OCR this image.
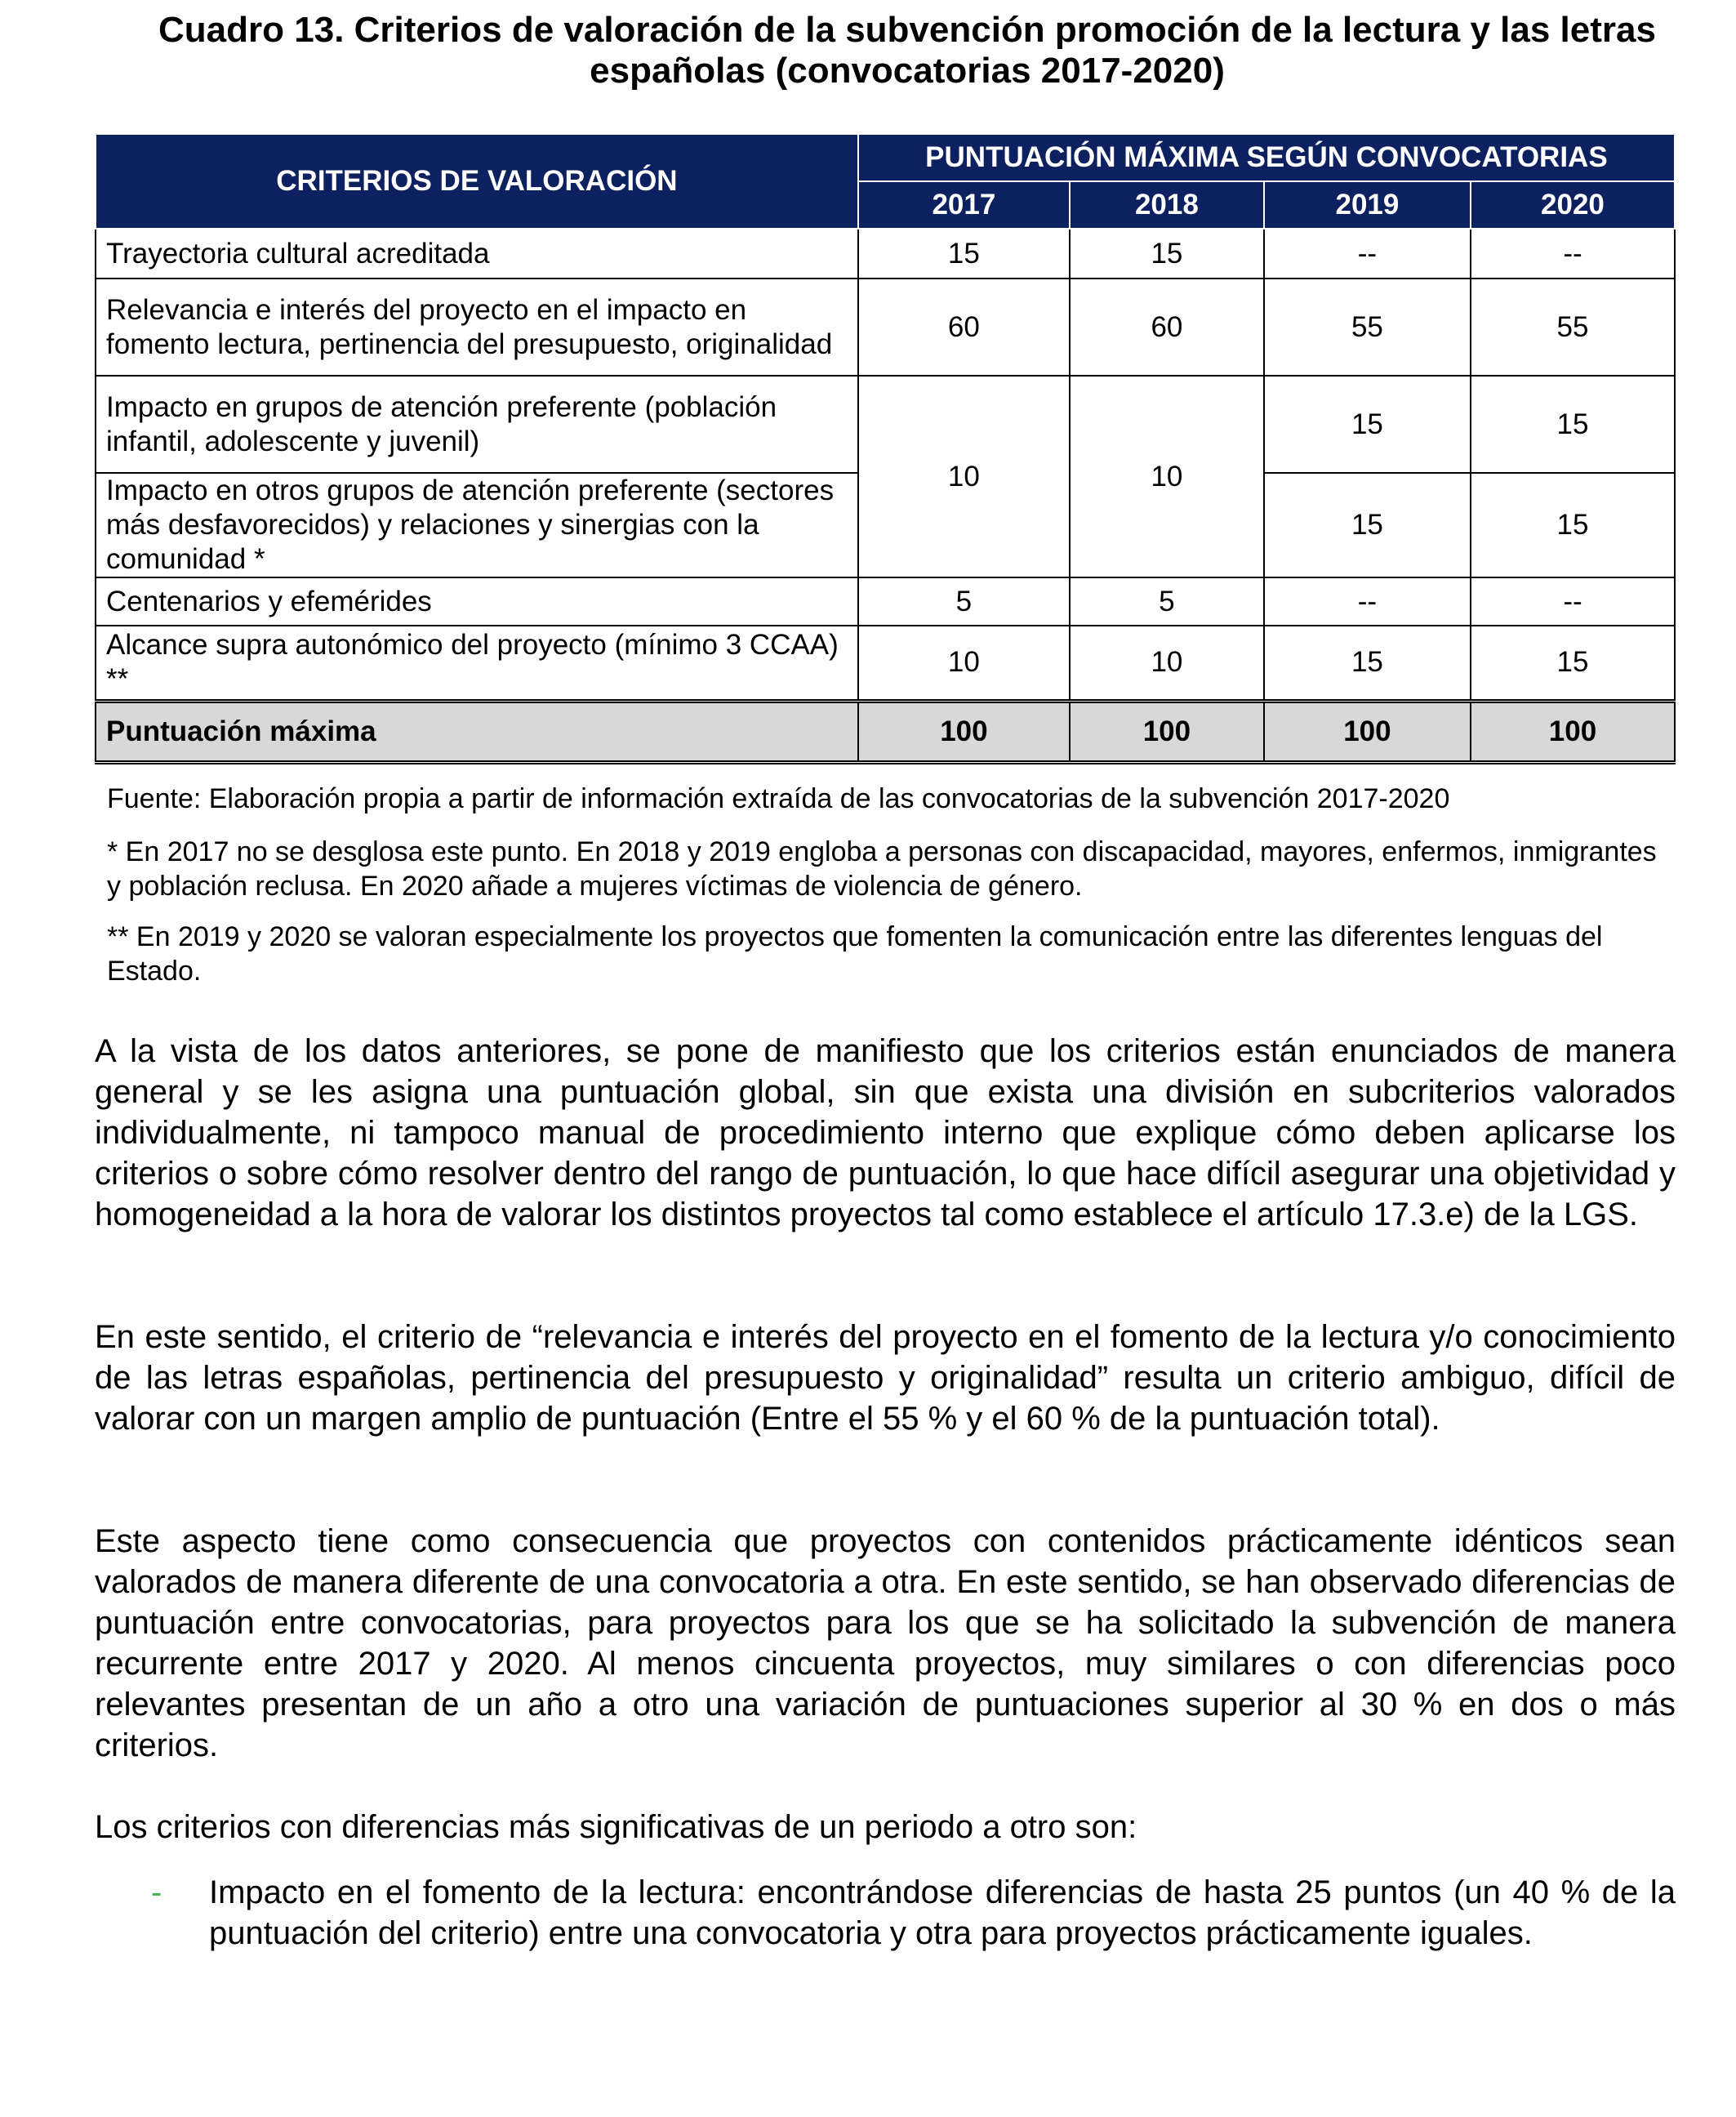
Cuadro 13. Criterios de valoración de la subvención promoción de la lectura y las letras españolas (convocatorias 2017-2020)
CRITERIOS DE VALORACIÓN	PUNTUACIÓN MÁXIMA SEGÚN CONVOCATORIAS			
	2017	2018	2019	2020
Trayectoria cultural acreditada	15	15	--	--
Relevancia e interés del proyecto en el impacto en fomento lectura, pertinencia del presupuesto, originalidad	60	60	55	55
Impacto en grupos de atención preferente (población infantil, adolescente y juvenil)	10	10	15	15
Impacto en otros grupos de atención preferente (sectores más desfavorecidos) y relaciones y sinergias con la comunidad *			15	15
Centenarios y efemérides	5	5	--	--
Alcance supra autonómico del proyecto (mínimo 3 CCAA) **	10	10	15	15
Puntuación máxima	100	100	100	100
Fuente: Elaboración propia a partir de información extraída de las convocatorias de la subvención 2017-2020
* En 2017 no se desglosa este punto. En 2018 y 2019 engloba a personas con discapacidad, mayores, enfermos, inmigrantes y población reclusa. En 2020 añade a mujeres víctimas de violencia de género.
** En 2019 y 2020 se valoran especialmente los proyectos que fomenten la comunicación entre las diferentes lenguas del Estado.
A la vista de los datos anteriores, se pone de manifiesto que los criterios están enunciados de manera general y se les asigna una puntuación global, sin que exista una división en subcriterios valorados individualmente, ni tampoco manual de procedimiento interno que explique cómo deben aplicarse los criterios o sobre cómo resolver dentro del rango de puntuación, lo que hace difícil asegurar una objetividad y homogeneidad a la hora de valorar los distintos proyectos tal como establece el artículo 17.3.e) de la LGS.
En este sentido, el criterio de “relevancia e interés del proyecto en el fomento de la lectura y/o conocimiento de las letras españolas, pertinencia del presupuesto y originalidad” resulta un criterio ambiguo, difícil de valorar con un margen amplio de puntuación (Entre el 55 % y el 60 % de la puntuación total).
Este aspecto tiene como consecuencia que proyectos con contenidos prácticamente idénticos sean valorados de manera diferente de una convocatoria a otra. En este sentido, se han observado diferencias de puntuación entre convocatorias, para proyectos para los que se ha solicitado la subvención de manera recurrente entre 2017 y 2020. Al menos cincuenta proyectos, muy similares o con diferencias poco relevantes presentan de un año a otro una variación de puntuaciones superior al 30 % en dos o más criterios.
Los criterios con diferencias más significativas de un periodo a otro son:
- Impacto en el fomento de la lectura: encontrándose diferencias de hasta 25 puntos (un 40 % de la puntuación del criterio) entre una convocatoria y otra para proyectos prácticamente iguales.
